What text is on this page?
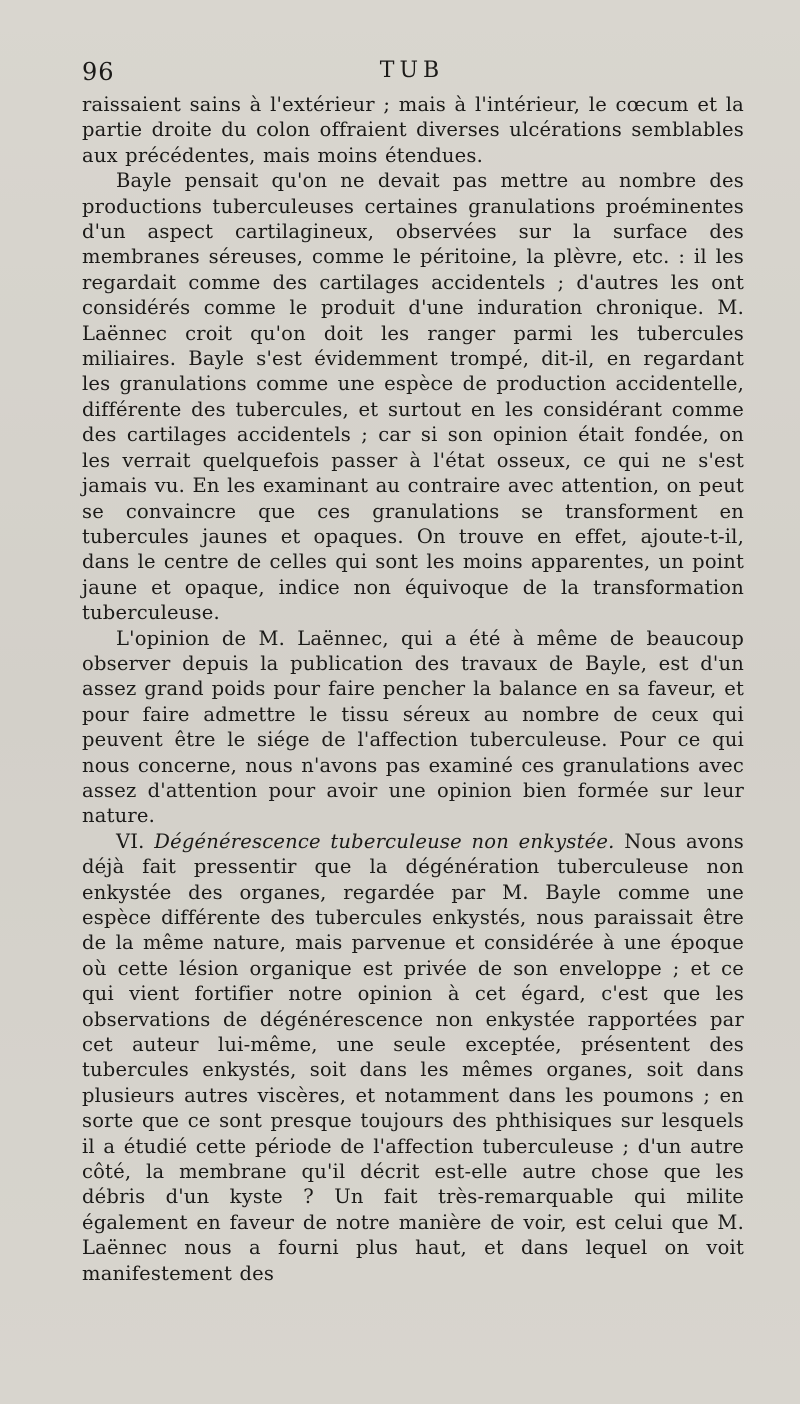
96	TUB

raissaient sains à l'extérieur ; mais à l'intérieur, le cœcum et la partie droite du colon offraient diverses ulcérations semblables aux précédentes, mais moins étendues.

Bayle pensait qu'on ne devait pas mettre au nombre des productions tuberculeuses certaines granulations proéminentes d'un aspect cartilagineux, observées sur la surface des membranes séreuses, comme le péritoine, la plèvre, etc. : il les regardait comme des cartilages accidentels ; d'autres les ont considérés comme le produit d'une induration chronique. M. Laënnec croit qu'on doit les ranger parmi les tubercules miliaires. Bayle s'est évidemment trompé, dit-il, en regardant les granulations comme une espèce de production accidentelle, différente des tubercules, et surtout en les considérant comme des cartilages accidentels ; car si son opinion était fondée, on les verrait quelquefois passer à l'état osseux, ce qui ne s'est jamais vu. En les examinant au contraire avec attention, on peut se convaincre que ces granulations se transforment en tubercules jaunes et opaques. On trouve en effet, ajoute-t-il, dans le centre de celles qui sont les moins apparentes, un point jaune et opaque, indice non équivoque de la transformation tuberculeuse.

L'opinion de M. Laënnec, qui a été à même de beaucoup observer depuis la publication des travaux de Bayle, est d'un assez grand poids pour faire pencher la balance en sa faveur, et pour faire admettre le tissu séreux au nombre de ceux qui peuvent être le siége de l'affection tuberculeuse. Pour ce qui nous concerne, nous n'avons pas examiné ces granulations avec assez d'attention pour avoir une opinion bien formée sur leur nature.

VI. Dégénérescence tuberculeuse non enkystée. Nous avons déjà fait pressentir que la dégénération tuberculeuse non enkystée des organes, regardée par M. Bayle comme une espèce différente des tubercules enkystés, nous paraissait être de la même nature, mais parvenue et considérée à une époque où cette lésion organique est privée de son enveloppe ; et ce qui vient fortifier notre opinion à cet égard, c'est que les observations de dégénérescence non enkystée rapportées par cet auteur lui-même, une seule exceptée, présentent des tubercules enkystés, soit dans les mêmes organes, soit dans plusieurs autres viscères, et notamment dans les poumons ; en sorte que ce sont presque toujours des phthisiques sur lesquels il a étudié cette période de l'affection tuberculeuse ; d'un autre côté, la membrane qu'il décrit est-elle autre chose que les débris d'un kyste ? Un fait très-remarquable qui milite également en faveur de notre manière de voir, est celui que M. Laënnec nous a fourni plus haut, et dans lequel on voit manifestement des
